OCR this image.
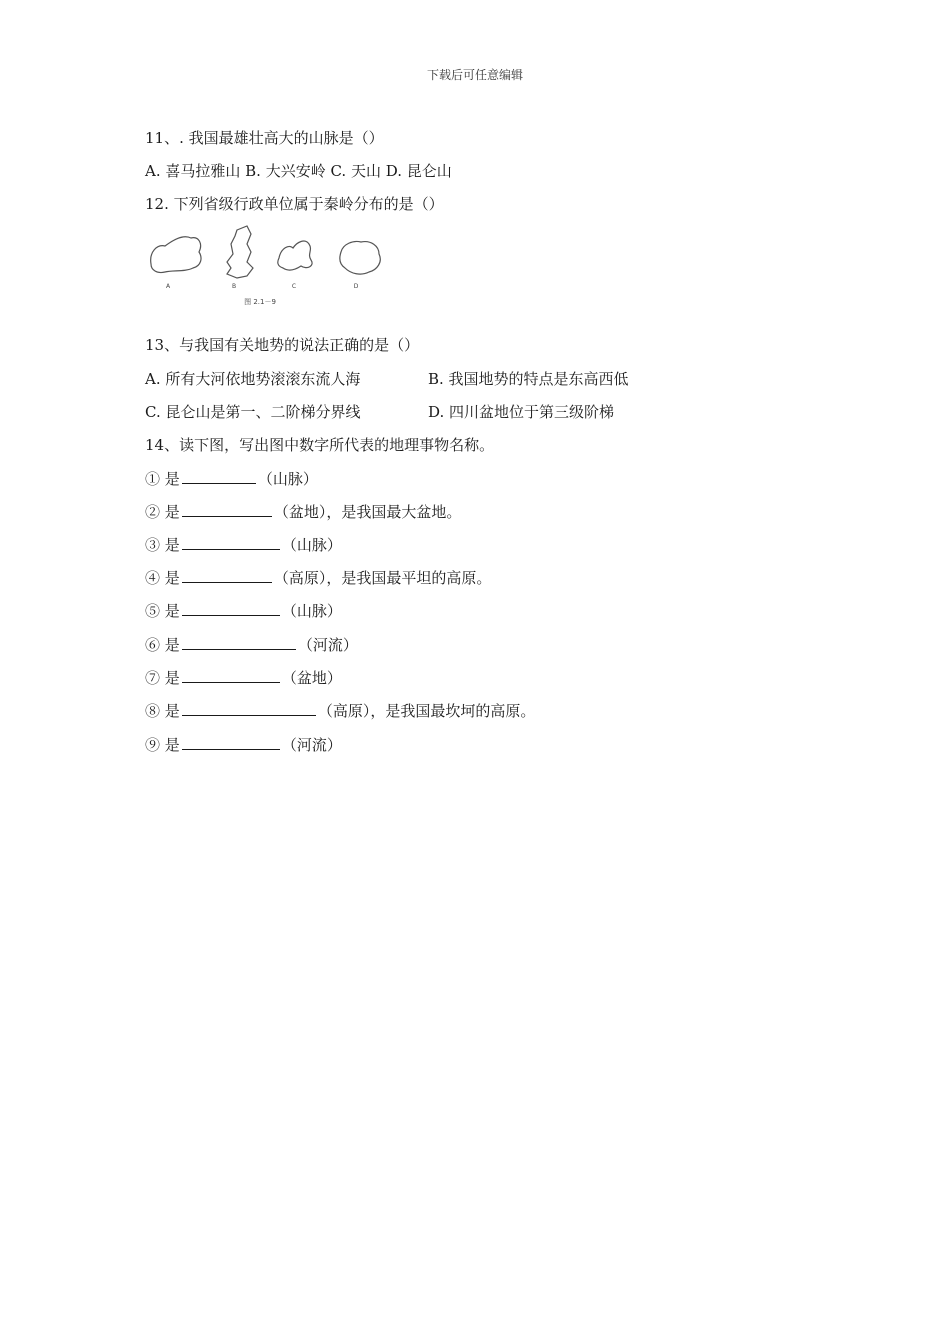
下载后可任意编辑
11、. 我国最雄壮高大的山脉是（）
A. 喜马拉雅山 B. 大兴安岭 C. 天山 D. 昆仑山
12. 下列省级行政单位属于秦岭分布的是（）
A	B	C	D
图 2.1－9
13、与我国有关地势的说法正确的是（）
A. 所有大河依地势滚滚东流人海	B. 我国地势的特点是东高西低
C. 昆仑山是第一、二阶梯分界线	D. 四川盆地位于第三级阶梯
14、读下图，写出图中数字所代表的地理事物名称。
① 是	（山脉）
② 是	（盆地），是我国最大盆地。
③ 是	（山脉）
④ 是	（高原），是我国最平坦的高原。
⑤ 是	（山脉）
⑥ 是	（河流）
⑦ 是	（盆地）
⑧ 是	（高原），是我国最坎坷的高原。
⑨ 是	（河流）
